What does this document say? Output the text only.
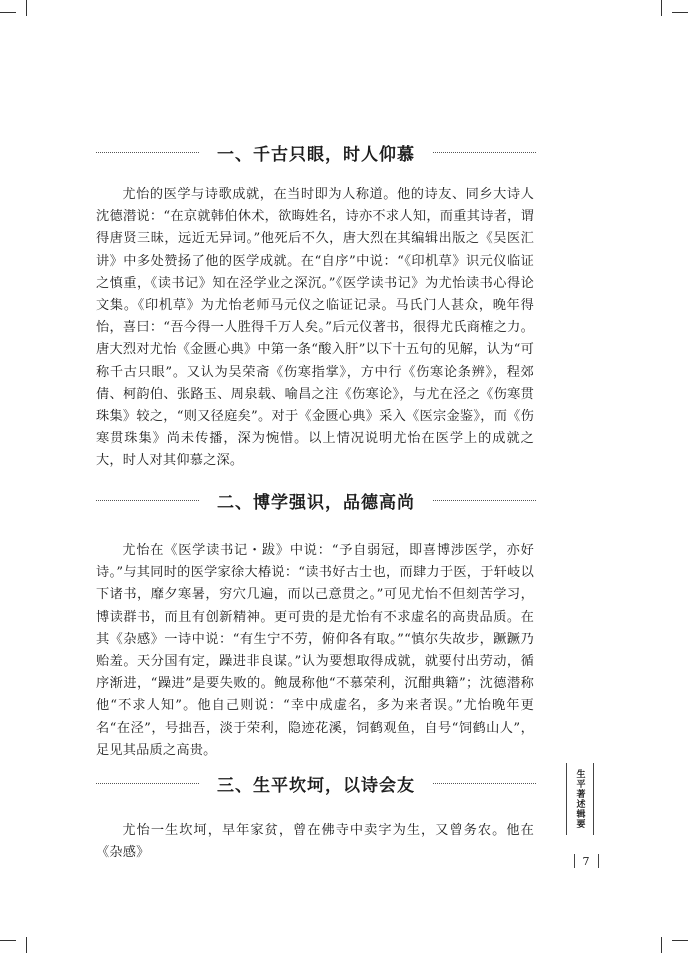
一、千古只眼，时人仰慕

尤怡的医学与诗歌成就，在当时即为人称道。他的诗友、同乡大诗人沈德潜说：“在京就韩伯休术，欲晦姓名，诗亦不求人知，而重其诗者，谓得唐贤三昧，远近无异词。”他死后不久，唐大烈在其编辑出版之《吴医汇讲》中多处赞扬了他的医学成就。在“自序”中说：“《印机草》识元仪临证之慎重，《读书记》知在泾学业之深沉。”《医学读书记》为尤怡读书心得论文集。《印机草》为尤怡老师马元仪之临证记录。马氏门人甚众，晚年得怡，喜曰：“吾今得一人胜得千万人矣。”后元仪著书，很得尤氏商榷之力。唐大烈对尤怡《金匮心典》中第一条“酸入肝”以下十五句的见解，认为“可称千古只眼”。又认为吴荣斋《伤寒指掌》，方中行《伤寒论条辨》，程郊倩、柯韵伯、张路玉、周泉载、喻昌之注《伤寒论》，与尤在泾之《伤寒贯珠集》较之，“则又径庭矣”。对于《金匮心典》采入《医宗金鉴》，而《伤寒贯珠集》尚未传播，深为惋惜。以上情况说明尤怡在医学上的成就之大，时人对其仰慕之深。

二、博学强识，品德高尚

尤怡在《医学读书记・跋》中说：“予自弱冠，即喜博涉医学，亦好诗。”与其同时的医学家徐大椿说：“读书好古士也，而肆力于医，于轩岐以下诸书，靡夕寒暑，穷穴几遍，而以己意贯之。”可见尤怡不但刻苦学习，博读群书，而且有创新精神。更可贵的是尤怡有不求虚名的高贵品质。在其《杂感》一诗中说：“有生宁不劳，俯仰各有取。”“慎尔失故步，蹶蹶乃贻羞。天分国有定，躁进非良谋。”认为要想取得成就，就要付出劳动，循序渐进，“躁进”是要失败的。鲍晟称他“不慕荣利，沉酣典籍”；沈德潜称他“不求人知”。他自己则说：“幸中成虚名，多为来者误。”尤怡晚年更名“在泾”，号拙吾，淡于荣利，隐迹花溪，饲鹤观鱼，自号“饲鹤山人”，足见其品质之高贵。

三、生平坎坷，以诗会友

尤怡一生坎坷，早年家贫，曾在佛寺中卖字为生，又曾务农。他在《杂感》

生平著述辑要
7
